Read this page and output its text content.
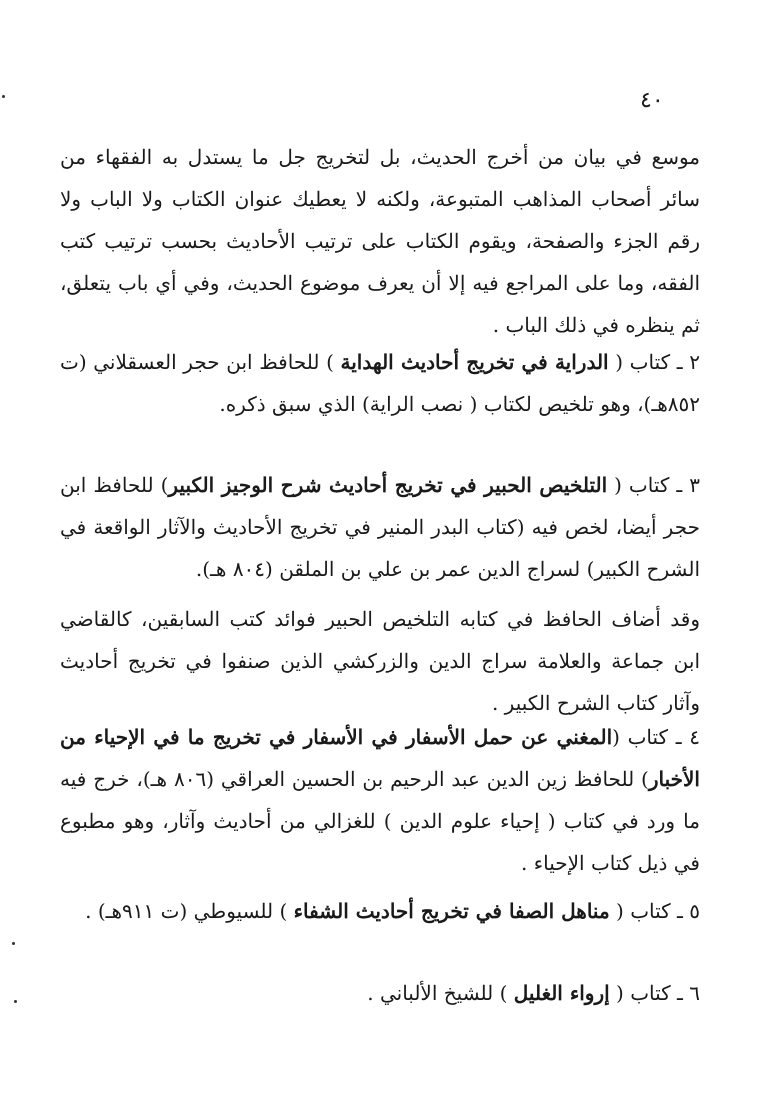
٤٠
موسع في بيان من أخرج الحديث، بل لتخريج جل ما يستدل به الفقهاء من سائر أصحاب المذاهب المتبوعة، ولكنه لا يعطيك عنوان الكتاب ولا الباب ولا رقم الجزء والصفحة، ويقوم الكتاب على ترتيب الأحاديث بحسب ترتيب كتب الفقه، وما على المراجع فيه إلا أن يعرف موضوع الحديث، وفي أي باب يتعلق، ثم ينظره في ذلك الباب .
٢ ـ كتاب ( الدراية في تخريج أحاديث الهداية ) للحافظ ابن حجر العسقلاني (ت ٨٥٢هـ)، وهو تلخيص لكتاب ( نصب الراية) الذي سبق ذكره.
٣ ـ كتاب ( التلخيص الحبير في تخريج أحاديث شرح الوجيز الكبير) للحافظ ابن حجر أيضا، لخص فيه (كتاب البدر المنير في تخريج الأحاديث والآثار الواقعة في الشرح الكبير) لسراج الدين عمر بن علي بن الملقن (٨٠٤ هـ).
وقد أضاف الحافظ في كتابه التلخيص الحبير فوائد كتب السابقين، كالقاضي ابن جماعة والعلامة سراج الدين والزركشي الذين صنفوا في تخريج أحاديث وآثار كتاب الشرح الكبير .
٤ ـ كتاب (المغني عن حمل الأسفار في الأسفار في تخريج ما في الإحياء من الأخبار) للحافظ زين الدين عبد الرحيم بن الحسين العراقي (٨٠٦ هـ)، خرج فيه ما ورد في كتاب ( إحياء علوم الدين ) للغزالي من أحاديث وآثار، وهو مطبوع في ذيل كتاب الإحياء .
٥ ـ كتاب ( مناهل الصفا في تخريج أحاديث الشفاء ) للسيوطي (ت ٩١١هـ) .
٦ ـ كتاب ( إرواء الغليل ) للشيخ الألباني .
